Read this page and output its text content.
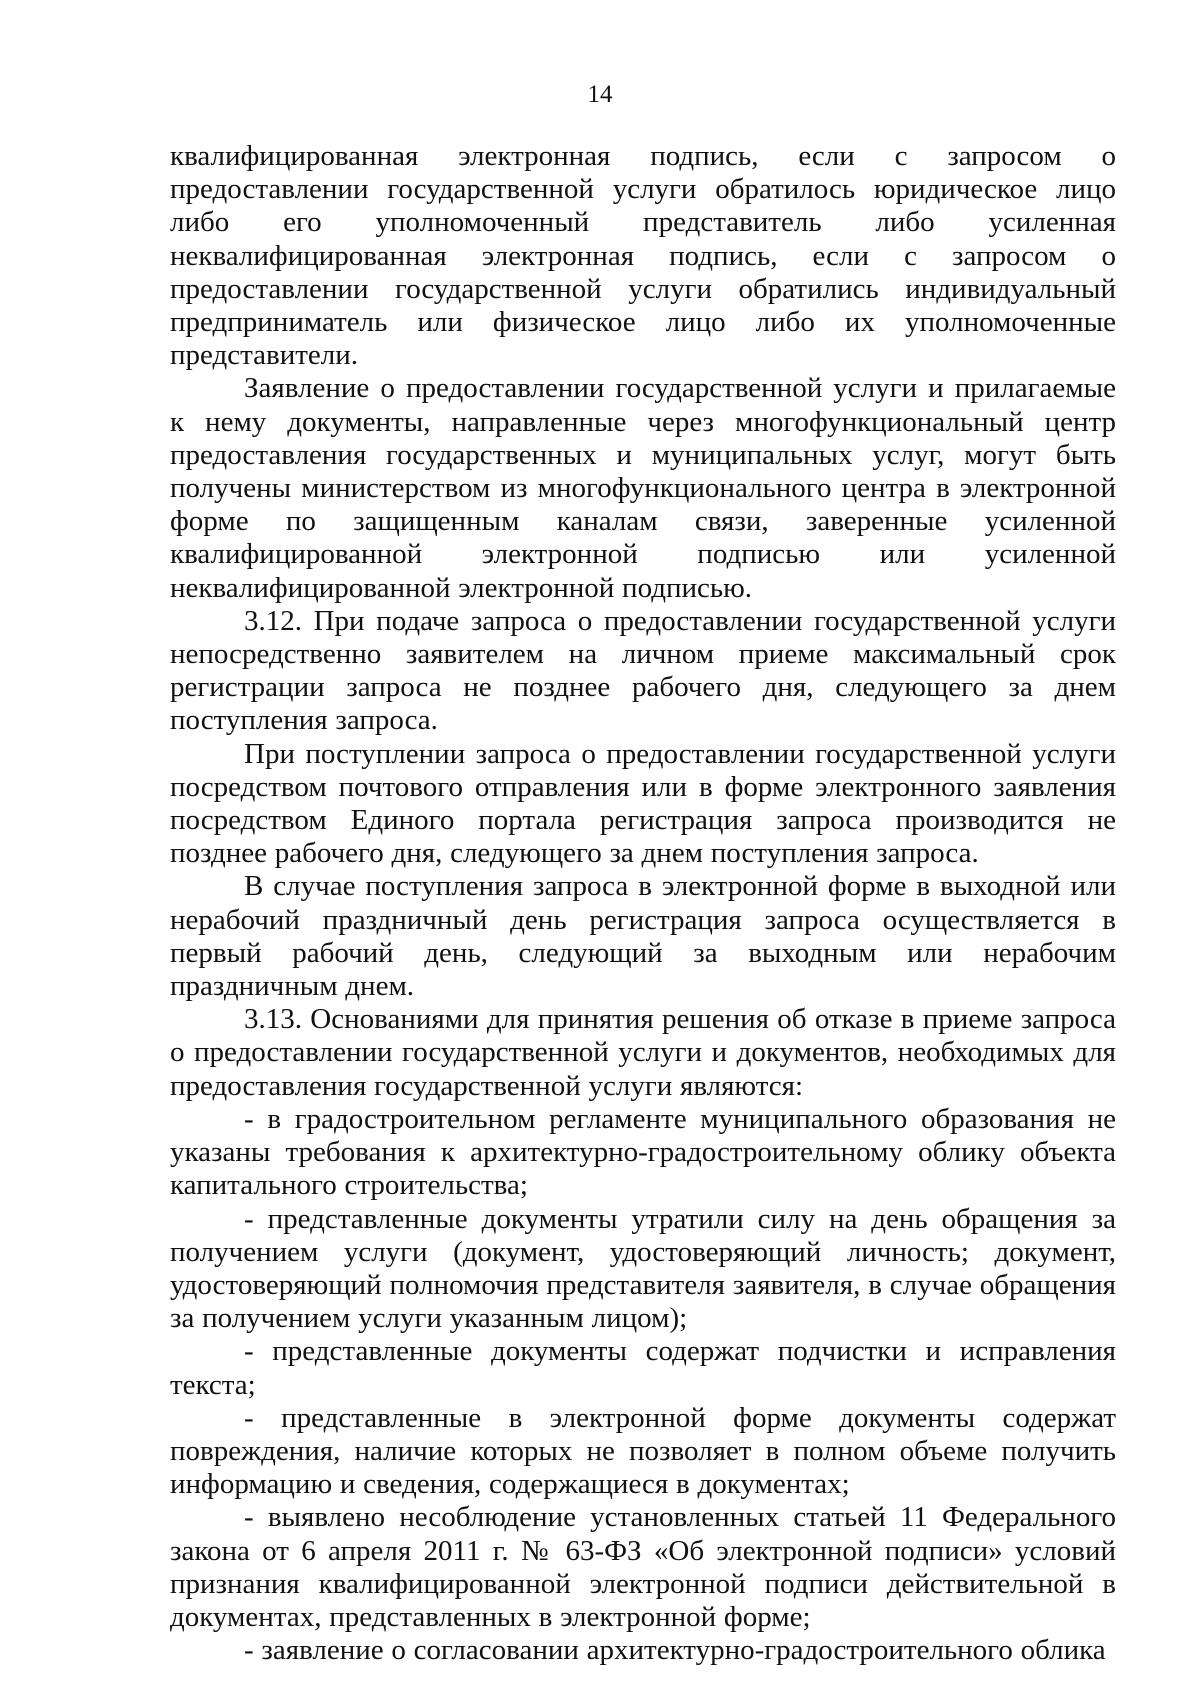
14

квалифицированная электронная подпись, если с запросом о предоставлении государственной услуги обратилось юридическое лицо либо его уполномоченный представитель либо усиленная неквалифицированная электронная подпись, если с запросом о предоставлении государственной услуги обратились индивидуальный предприниматель или физическое лицо либо их уполномоченные представители.

Заявление о предоставлении государственной услуги и прилагаемые к нему документы, направленные через многофункциональный центр предоставления государственных и муниципальных услуг, могут быть получены министерством из многофункционального центра в электронной форме по защищенным каналам связи, заверенные усиленной квалифицированной электронной подписью или усиленной неквалифицированной электронной подписью.

3.12. При подаче запроса о предоставлении государственной услуги непосредственно заявителем на личном приеме максимальный срок регистрации запроса не позднее рабочего дня, следующего за днем поступления запроса.

При поступлении запроса о предоставлении государственной услуги посредством почтового отправления или в форме электронного заявления посредством Единого портала регистрация запроса производится не позднее рабочего дня, следующего за днем поступления запроса.

В случае поступления запроса в электронной форме в выходной или нерабочий праздничный день регистрация запроса осуществляется в первый рабочий день, следующий за выходным или нерабочим праздничным днем.

3.13. Основаниями для принятия решения об отказе в приеме запроса о предоставлении государственной услуги и документов, необходимых для предоставления государственной услуги являются:

- в градостроительном регламенте муниципального образования не указаны требования к архитектурно-градостроительному облику объекта капитального строительства;

- представленные документы утратили силу на день обращения за получением услуги (документ, удостоверяющий личность; документ, удостоверяющий полномочия представителя заявителя, в случае обращения за получением услуги указанным лицом);

- представленные документы содержат подчистки и исправления текста;

- представленные в электронной форме документы содержат повреждения, наличие которых не позволяет в полном объеме получить информацию и сведения, содержащиеся в документах;

- выявлено несоблюдение установленных статьей 11 Федерального закона от 6 апреля 2011 г. № 63-ФЗ «Об электронной подписи» условий признания квалифицированной электронной подписи действительной в документах, представленных в электронной форме;

- заявление о согласовании архитектурно-градостроительного облика
